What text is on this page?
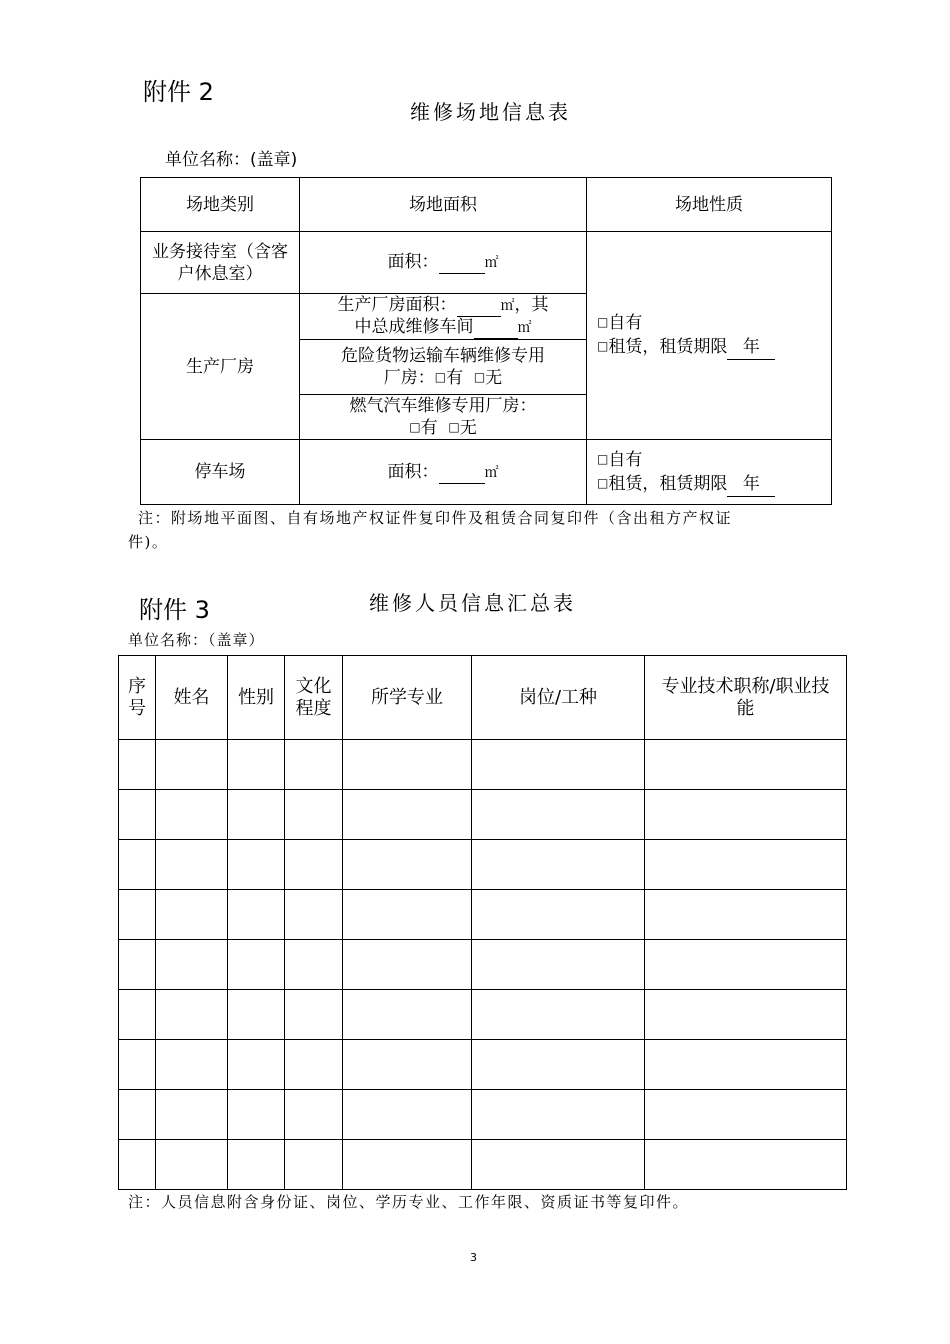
附件 2
维修场地信息表
单位名称：(盖章)
场地类别	场地面积	场地性质

业务接待室（含客户休息室）	面积： ㎡	□自有
□租赁，租赁期限 年

生产厂房	生产厂房面积： ㎡，其
中总成维修车间 ㎡	

	危险货物运输车辆维修专用
厂房：□有 □无	

	燃气汽车维修专用厂房：
□有 □无	

停车场	面积： ㎡	□自有
□租赁，租赁期限 年
注：附场地平面图、自有场地产权证件复印件及租赁合同复印件（含出租方产权证
件)。
附件 3	维修人员信息汇总表
单位名称：（盖章）
序号	姓名	性别	文化程度	所学专业	岗位/工种	专业技术职称/职业技能

注：人员信息附含身份证、岗位、学历专业、工作年限、资质证书等复印件。
3
